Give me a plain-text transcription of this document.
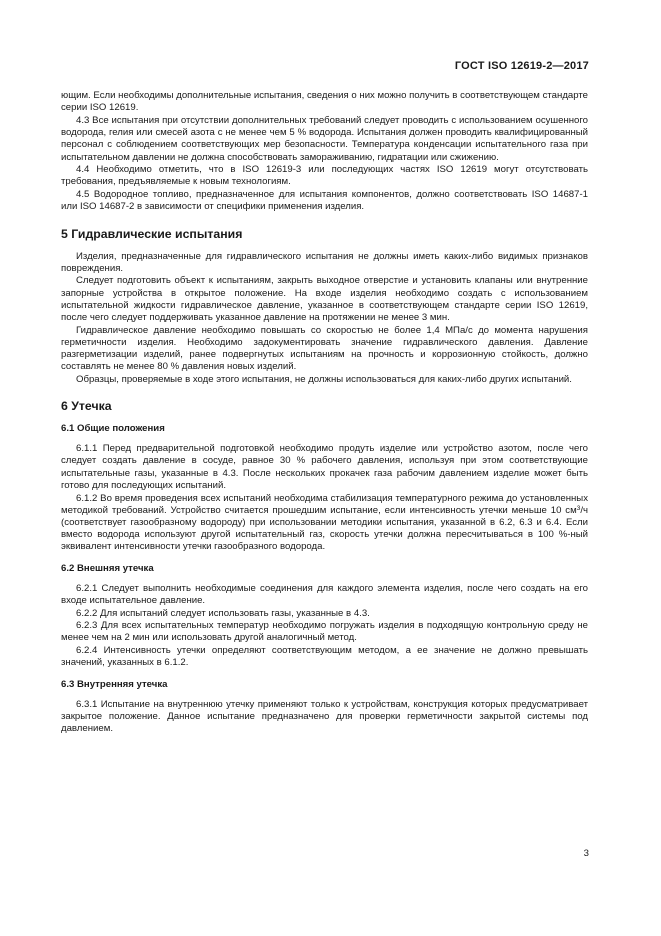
ГОСТ ISO 12619-2—2017

ющим. Если необходимы дополнительные испытания, сведения о них можно получить в соответствующем стандарте серии ISO 12619.

4.3 Все испытания при отсутствии дополнительных требований следует проводить с использованием осушенного водорода, гелия или смесей азота с не менее чем 5 % водорода. Испытания должен проводить квалифицированный персонал с соблюдением соответствующих мер безопасности. Температура конденсации испытательного газа при испытательном давлении не должна способствовать замораживанию, гидратации или сжижению.

4.4 Необходимо отметить, что в ISO 12619-3 или последующих частях ISO 12619 могут отсутствовать требования, предъявляемые к новым технологиям.

4.5 Водородное топливо, предназначенное для испытания компонентов, должно соответствовать ISO 14687-1 или ISO 14687-2 в зависимости от специфики применения изделия.

5 Гидравлические испытания

Изделия, предназначенные для гидравлического испытания не должны иметь каких-либо видимых признаков повреждения.

Следует подготовить объект к испытаниям, закрыть выходное отверстие и установить клапаны или внутренние запорные устройства в открытое положение. На входе изделия необходимо создать с использованием испытательной жидкости гидравлическое давление, указанное в соответствующем стандарте серии ISO 12619, после чего следует поддерживать указанное давление на протяжении не менее 3 мин.

Гидравлическое давление необходимо повышать со скоростью не более 1,4 МПа/с до момента нарушения герметичности изделия. Необходимо задокументировать значение гидравлического давления. Давление разгерметизации изделий, ранее подвергнутых испытаниям на прочность и коррозионную стойкость, должно составлять не менее 80 % давления новых изделий.

Образцы, проверяемые в ходе этого испытания, не должны использоваться для каких-либо других испытаний.

6 Утечка
6.1 Общие положения

6.1.1 Перед предварительной подготовкой необходимо продуть изделие или устройство азотом, после чего следует создать давление в сосуде, равное 30 % рабочего давления, используя при этом соответствующие испытательные газы, указанные в 4.3. После нескольких прокачек газа рабочим давлением изделие может быть готово для последующих испытаний.

6.1.2 Во время проведения всех испытаний необходима стабилизация температурного режима до установленных методикой требований. Устройство считается прошедшим испытание, если интенсивность утечки меньше 10 $см^3/ч$ (соответствует газообразному водороду) при использовании методики испытания, указанной в 6.2, 6.3 и 6.4. Если вместо водорода используют другой испытательный газ, скорость утечки должна пересчитываться в 100 %-ный эквивалент интенсивности утечки газообразного водорода.

6.2 Внешняя утечка

6.2.1 Следует выполнить необходимые соединения для каждого элемента изделия, после чего создать на его входе испытательное давление.

6.2.2 Для испытаний следует использовать газы, указанные в 4.3.

6.2.3 Для всех испытательных температур необходимо погружать изделия в подходящую контрольную среду не менее чем на 2 мин или использовать другой аналогичный метод.

6.2.4 Интенсивность утечки определяют соответствующим методом, а ее значение не должно превышать значений, указанных в 6.1.2.

6.3 Внутренняя утечка

6.3.1 Испытание на внутреннюю утечку применяют только к устройствам, конструкция которых предусматривает закрытое положение. Данное испытание предназначено для проверки герметичности закрытой системы под давлением.

3
